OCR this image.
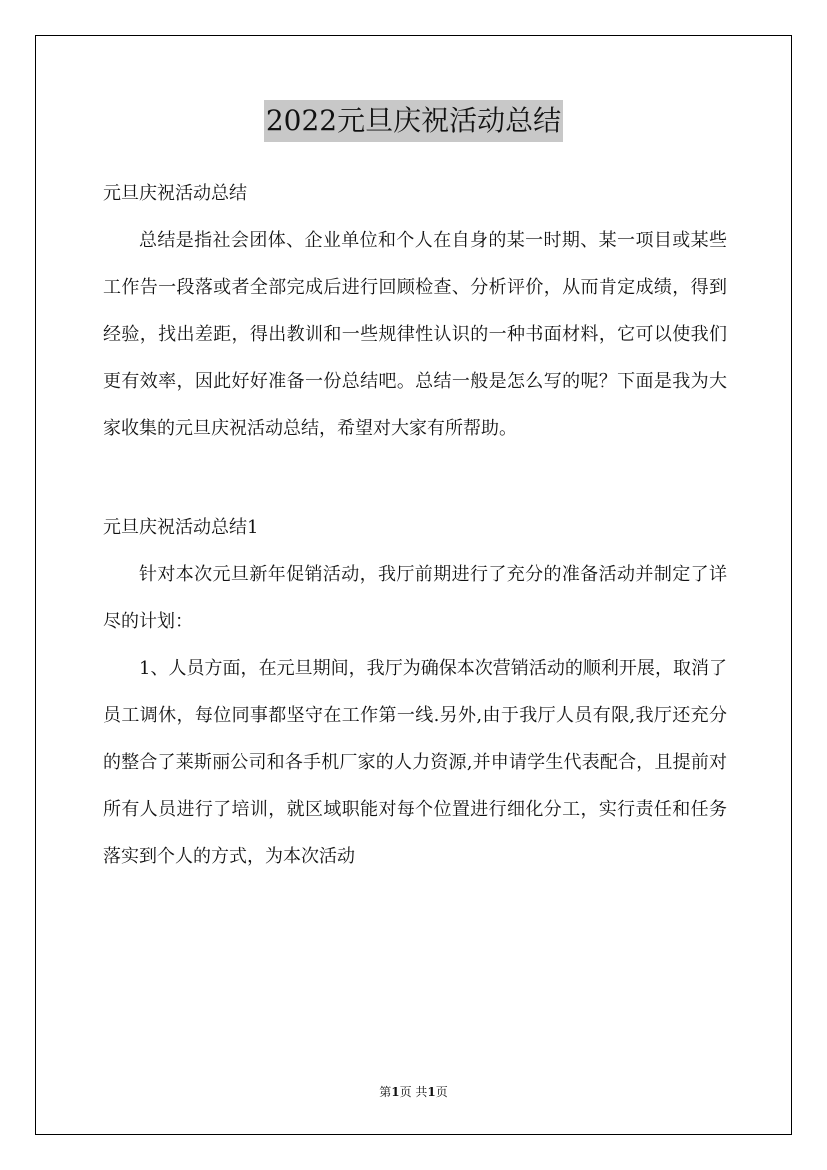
2022元旦庆祝活动总结

元旦庆祝活动总结

总结是指社会团体、企业单位和个人在自身的某一时期、某一项目或某些工作告一段落或者全部完成后进行回顾检查、分析评价，从而肯定成绩，得到经验，找出差距，得出教训和一些规律性认识的一种书面材料，它可以使我们更有效率，因此好好准备一份总结吧。总结一般是怎么写的呢？下面是我为大家收集的元旦庆祝活动总结，希望对大家有所帮助。

元旦庆祝活动总结1

针对本次元旦新年促销活动，我厅前期进行了充分的准备活动并制定了详尽的计划：

1、人员方面，在元旦期间，我厅为确保本次营销活动的顺利开展，取消了员工调休，每位同事都坚守在工作第一线.另外,由于我厅人员有限,我厅还充分的整合了莱斯丽公司和各手机厂家的人力资源,并申请学生代表配合，且提前对所有人员进行了培训，就区域职能对每个位置进行细化分工，实行责任和任务落实到个人的方式，为本次活动

第1页 共1页
